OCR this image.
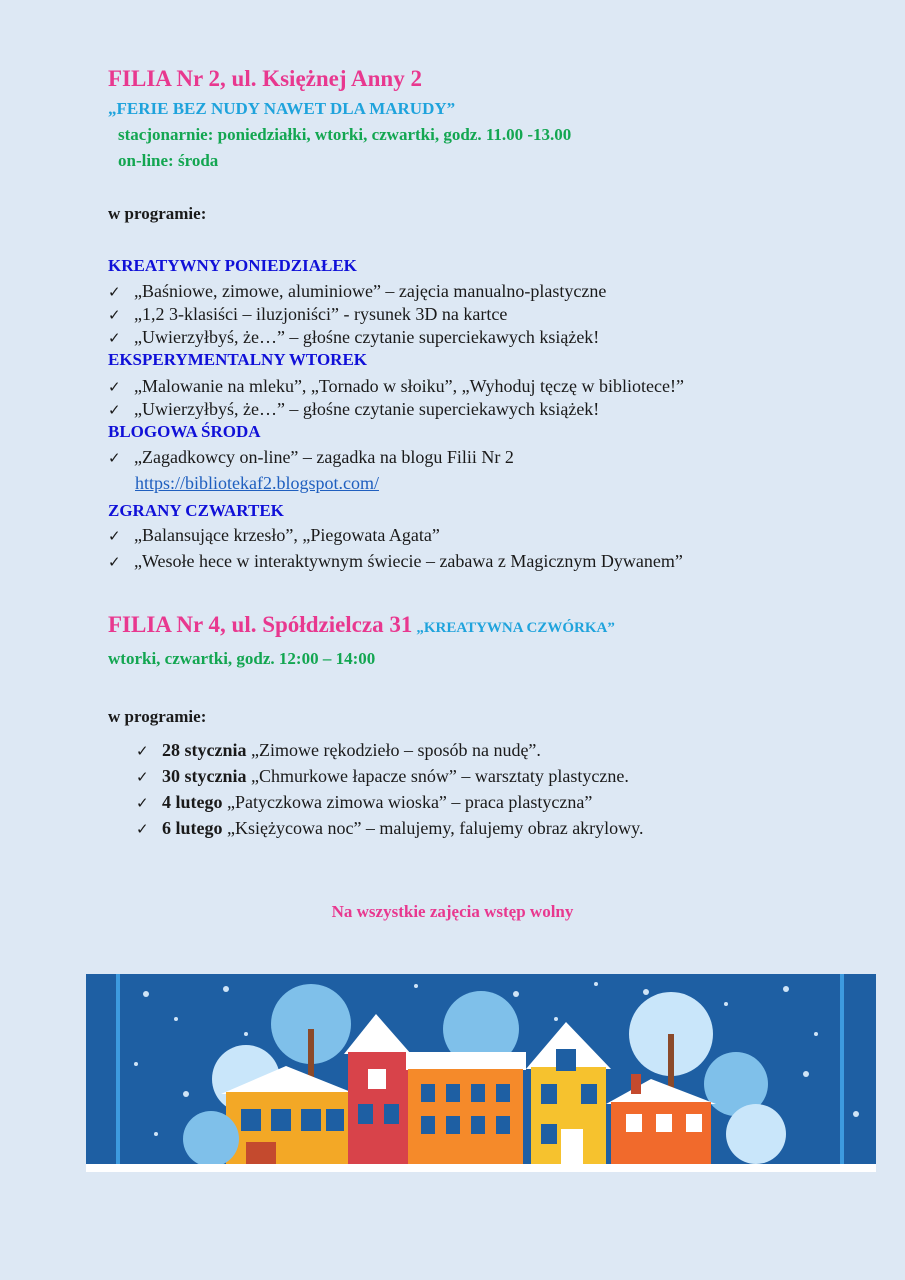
FILIA Nr 2, ul. Księżnej Anny 2
„FERIE BEZ NUDY NAWET DLA MARUDY”
stacjonarnie: poniedziałki, wtorki, czwartki, godz. 11.00 -13.00
on-line: środa
w programie:
KREATYWNY PONIEDZIAŁEK
✓ „Baśniowe, zimowe, aluminiowe” – zajęcia manualno-plastyczne
✓ „1,2 3-klasiści – iluzjoniści” - rysunek 3D na kartce
✓ „Uwierzyłbyś, że…” – głośne czytanie superciekawych książek!
EKSPERYMENTALNY WTOREK
✓ „Malowanie na mleku”, „Tornado w słoiku”, „Wyhoduj tęczę w bibliotece!”
✓ „Uwierzyłbyś, że…” – głośne czytanie superciekawych książek!
BLOGOWA ŚRODA
✓ „Zagadkowcy on-line” – zagadka na blogu Filii Nr 2
https://bibliotekaf2.blogspot.com/
ZGRANY CZWARTEK
✓ „Balansujące krzesło”, „Piegowata Agata”
✓ „Wesołe hece w interaktywnym świecie – zabawa z Magicznym Dywanem”
FILIA Nr 4, ul. Spółdzielcza 31 „KREATYWNA CZWÓRKA”
wtorki, czwartki, godz. 12:00 – 14:00
w programie:
✓ 28 stycznia „Zimowe rękodzieło – sposób na nudę”.
✓ 30 stycznia „Chmurkowe łapacze snów” – warsztaty plastyczne.
✓ 4 lutego „Patyczkowa zimowa wioska” – praca plastyczna”
✓ 6 lutego „Księżycowa noc” – malujemy, falujemy obraz akrylowy.
Na wszystkie zajęcia wstęp wolny
